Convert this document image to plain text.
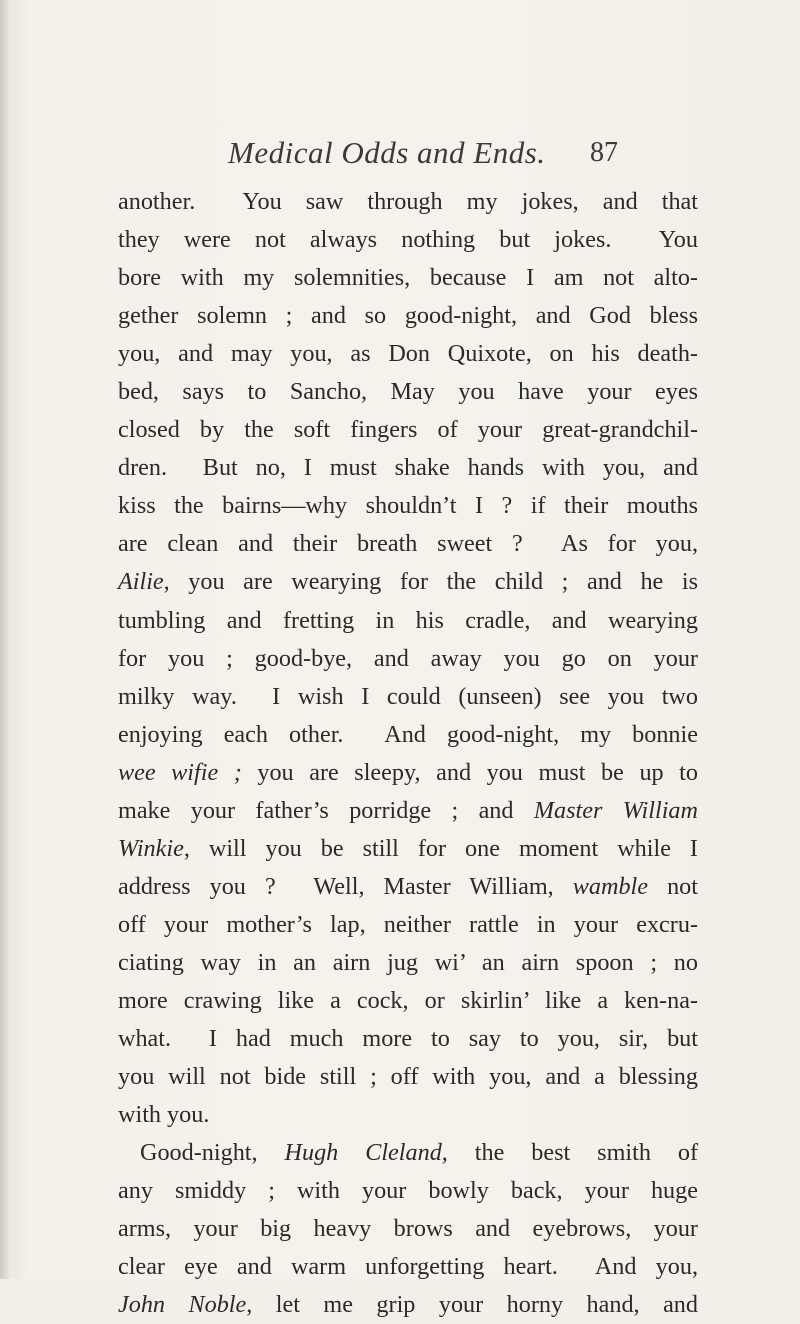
Medical Odds and Ends. 87
another.  You saw through my jokes, and that
they were not always nothing but jokes.  You
bore with my solemnities, because I am not alto-
gether solemn ; and so good-night, and God bless
you, and may you, as Don Quixote, on his death-
bed, says to Sancho, May you have your eyes
closed by the soft fingers of your great-grandchil-
dren.  But no, I must shake hands with you, and
kiss the bairns—why shouldn’t I ? if their mouths
are clean and their breath sweet ?  As for you,
Ailie, you are wearying for the child ; and he is
tumbling and fretting in his cradle, and wearying
for you ; good-bye, and away you go on your
milky way.  I wish I could (unseen) see you two
enjoying each other.  And good-night, my bonnie
wee wifie ; you are sleepy, and you must be up to
make your father’s porridge ; and Master William
Winkie, will you be still for one moment while I
address you ?  Well, Master William, wamble not
off your mother’s lap, neither rattle in your excru-
ciating way in an airn jug wi’ an airn spoon ; no
more crawing like a cock, or skirlin’ like a ken-na-
what.  I had much more to say to you, sir, but
you will not bide still ; off with you, and a blessing
with you.
Good-night, Hugh Cleland, the best smith of
any smiddy ; with your bowly back, your huge
arms, your big heavy brows and eyebrows, your
clear eye and warm unforgetting heart.  And you,
John Noble, let me grip your horny hand, and
